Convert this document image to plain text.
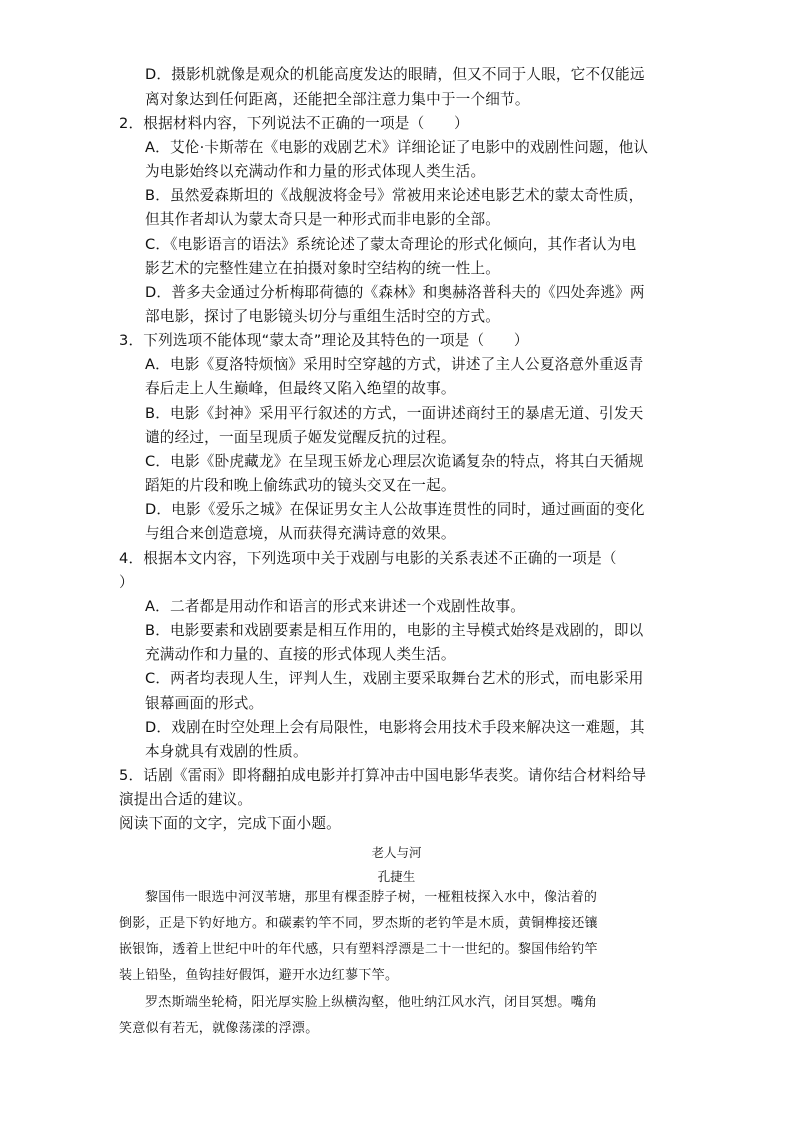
D．摄影机就像是观众的机能高度发达的眼睛，但又不同于人眼，它不仅能远
离对象达到任何距离，还能把全部注意力集中于一个细节。
2．根据材料内容，下列说法不正确的一项是（　　）
A．艾伦·卡斯蒂在《电影的戏剧艺术》详细论证了电影中的戏剧性问题，他认
为电影始终以充满动作和力量的形式体现人类生活。
B．虽然爱森斯坦的《战舰波将金号》常被用来论述电影艺术的蒙太奇性质，
但其作者却认为蒙太奇只是一种形式而非电影的全部。
C．《电影语言的语法》系统论述了蒙太奇理论的形式化倾向，其作者认为电
影艺术的完整性建立在拍摄对象时空结构的统一性上。
D．普多夫金通过分析梅耶荷德的《森林》和奥赫洛普科夫的《四处奔逃》两
部电影，探讨了电影镜头切分与重组生活时空的方式。
3．下列选项不能体现“蒙太奇”理论及其特色的一项是（　　）
A．电影《夏洛特烦恼》采用时空穿越的方式，讲述了主人公夏洛意外重返青
春后走上人生巅峰，但最终又陷入绝望的故事。
B．电影《封神》采用平行叙述的方式，一面讲述商纣王的暴虐无道、引发天
谴的经过，一面呈现质子姬发觉醒反抗的过程。
C．电影《卧虎藏龙》在呈现玉娇龙心理层次诡谲复杂的特点，将其白天循规
蹈矩的片段和晚上偷练武功的镜头交叉在一起。
D．电影《爱乐之城》在保证男女主人公故事连贯性的同时，通过画面的变化
与组合来创造意境，从而获得充满诗意的效果。
4．根据本文内容，下列选项中关于戏剧与电影的关系表述不正确的一项是（
）
A．二者都是用动作和语言的形式来讲述一个戏剧性故事。
B．电影要素和戏剧要素是相互作用的，电影的主导模式始终是戏剧的，即以
充满动作和力量的、直接的形式体现人类生活。
C．两者均表现人生，评判人生，戏剧主要采取舞台艺术的形式，而电影采用
银幕画面的形式。
D．戏剧在时空处理上会有局限性，电影将会用技术手段来解决这一难题，其
本身就具有戏剧的性质。
5．话剧《雷雨》即将翻拍成电影并打算冲击中国电影华表奖。请你结合材料给导
演提出合适的建议。
阅读下面的文字，完成下面小题。
老人与河
孔捷生
黎国伟一眼选中河汊苇塘，那里有棵歪脖子树，一桠粗枝探入水中，像沽着的
倒影，正是下钓好地方。和碳素钓竿不同，罗杰斯的老钓竿是木质，黄铜榫接还镶
嵌银饰，透着上世纪中叶的年代感，只有塑料浮漂是二十一世纪的。黎国伟给钓竿
装上铅坠，鱼钩挂好假饵，避开水边红蓼下竿。
罗杰斯端坐轮椅，阳光厚实脸上纵横沟壑，他吐纳江风水汽，闭目冥想。嘴角
笑意似有若无，就像荡漾的浮漂。
